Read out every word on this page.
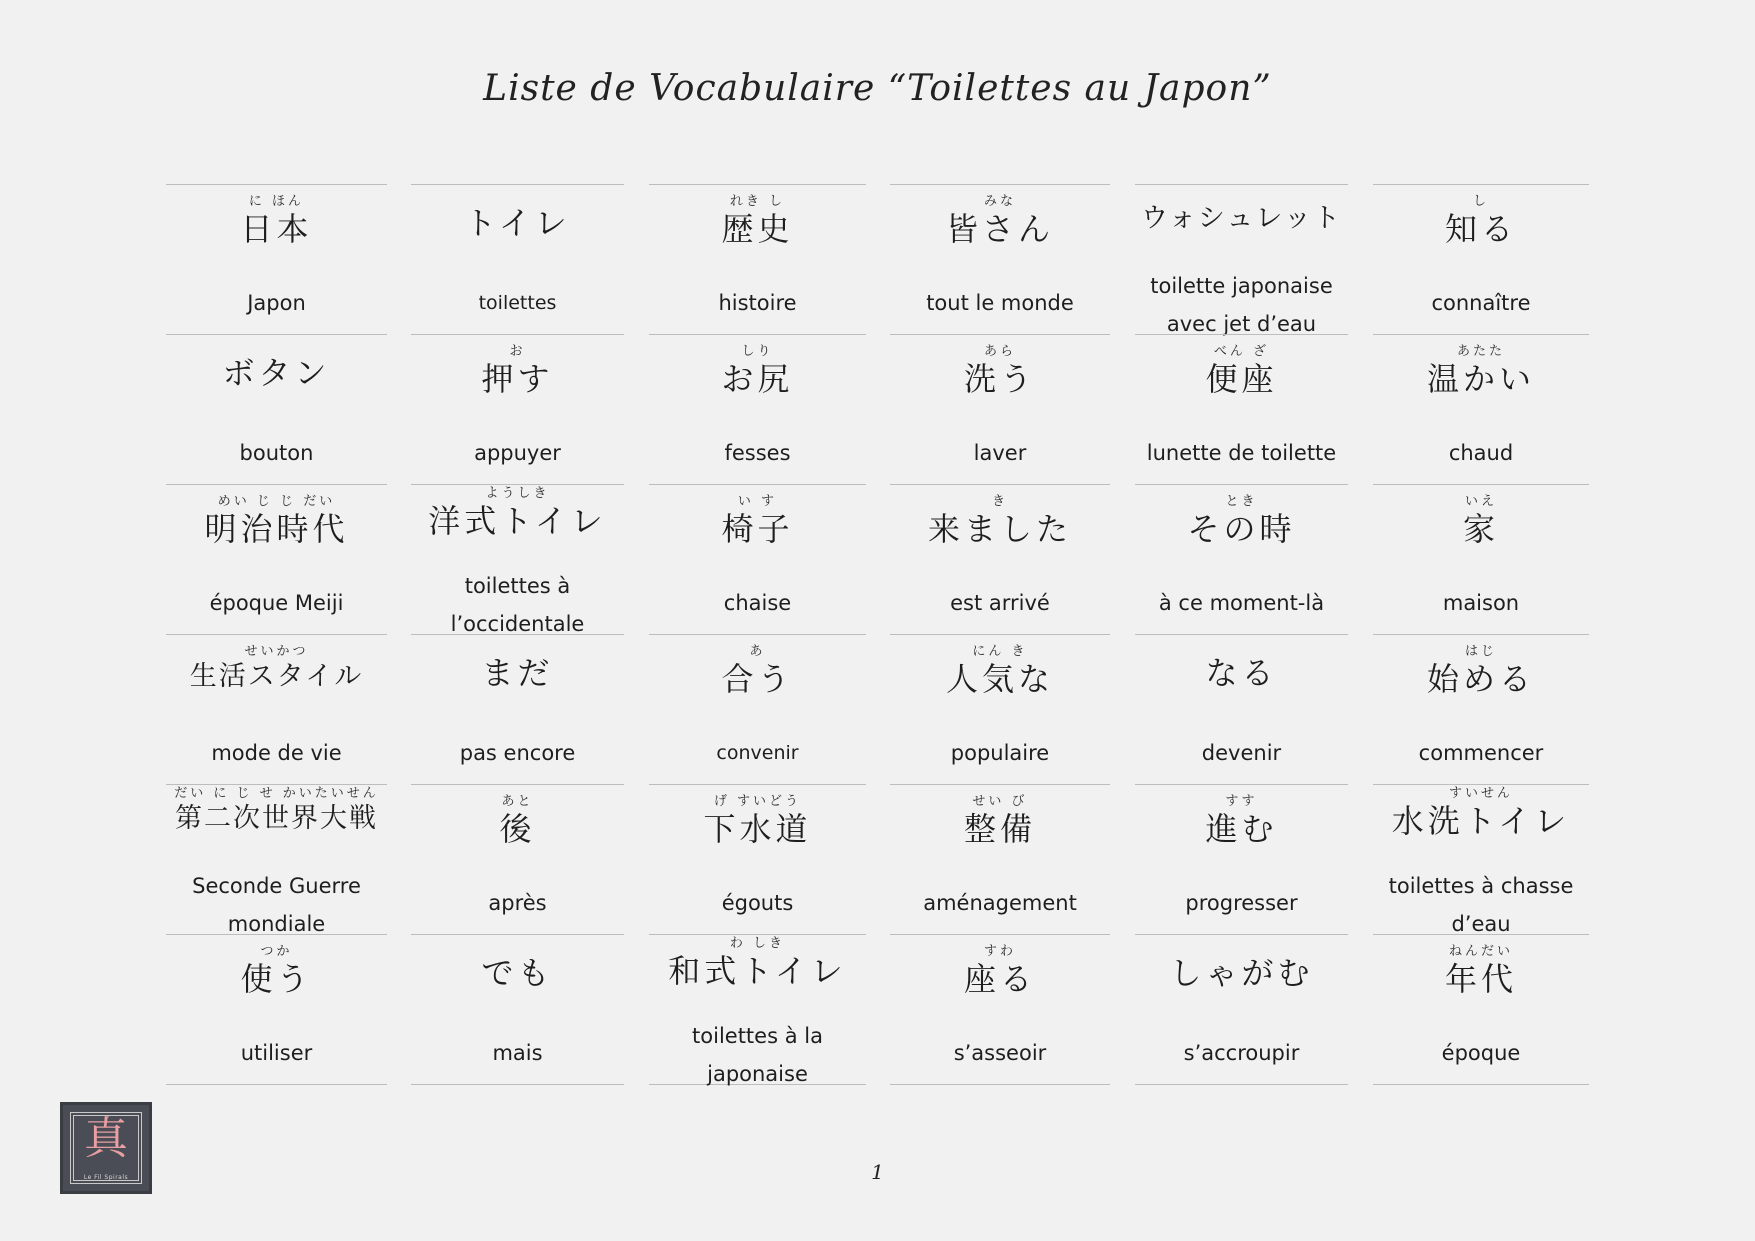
Liste de Vocabulaire “Toilettes au Japon”
に ほん
日本
Japon
トイレ
toilettes
れき し
歴史
histoire
みな
皆さん
tout le monde
ウォシュレット
toilette japonaise avec jet d’eau
し
知る
connaître
ボタン
bouton
お
押す
appuyer
しり
お尻
fesses
あら
洗う
laver
べん ざ
便座
lunette de toilette
あたた
温かい
chaud
めい じ じ だい
明治時代
époque Meiji
ようしき
洋式トイレ
toilettes à l’occidentale
い す
椅子
chaise
き
来ました
est arrivé
とき
その時
à ce moment-là
いえ
家
maison
せいかつ
生活スタイル
mode de vie
まだ
pas encore
あ
合う
convenir
にん き
人気な
populaire
なる
devenir
はじ
始める
commencer
だい に じ せ かいたいせん
第二次世界大戦
Seconde Guerre mondiale
あと
後
après
げ すいどう
下水道
égouts
せい び
整備
aménagement
すす
進む
progresser
すいせん
水洗トイレ
toilettes à chasse d’eau
つか
使う
utiliser
でも
mais
わ しき
和式トイレ
toilettes à la japonaise
すわ
座る
s’asseoir
しゃがむ
s’accroupir
ねんだい
年代
époque
真
Le Fil Spirals	1
